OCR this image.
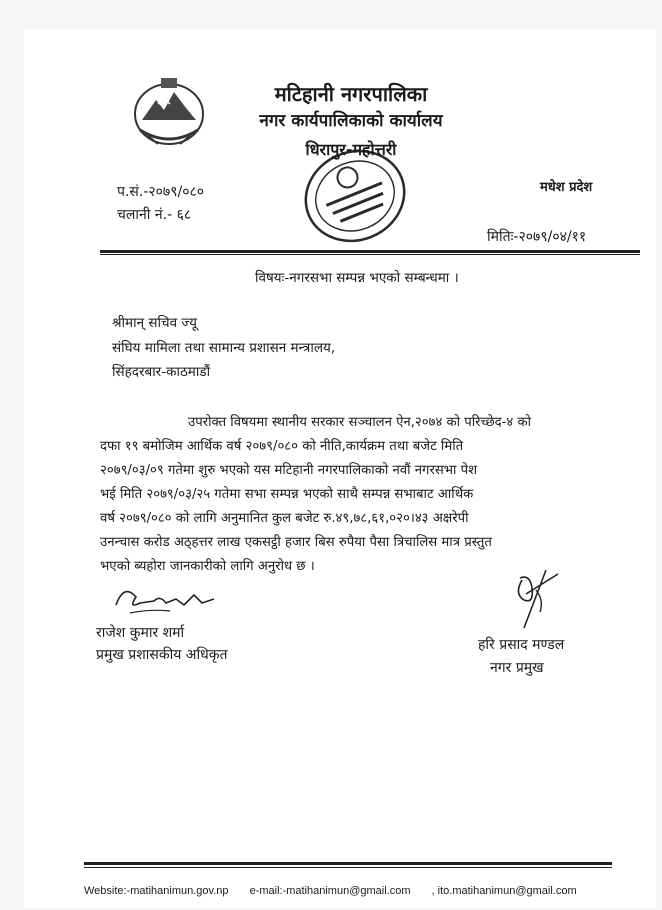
मटिहानी नगरपालिका
नगर कार्यपालिकाको कार्यालय
धिरापुर-महोत्तरी
मधेश प्रदेश
प.सं.-२०७९/०८०
चलानी नं.- ६८
मितिः-२०७९/०४/११
विषयः-नगरसभा सम्पन्न भएको सम्बन्धमा ।
श्रीमान् सचिव ज्यू
संघिय मामिला तथा सामान्य प्रशासन मन्त्रालय,
सिंहदरबार-काठमाडौं
उपरोक्त विषयमा स्थानीय सरकार सञ्चालन ऐन,२०७४ को परिच्छेद-४ को
दफा १९ बमोजिम आर्थिक वर्ष २०७९/०८० को नीति,कार्यक्रम तथा बजेट मिति
२०७९/०३/०९ गतेमा शुरु भएको यस मटिहानी नगरपालिकाको नवौं नगरसभा पेश
भई मिति २०७९/०३/२५ गतेमा सभा सम्पन्न भएको साथै सम्पन्न सभाबाट आर्थिक
वर्ष २०७९/०८० को लागि अनुमानित कुल बजेट रु.४९,७८,६१,०२०।४३ अक्षरेपी
उनन्चास करोड अठ्हत्तर लाख एकसट्ठी हजार बिस रुपैया पैसा त्रिचालिस मात्र प्रस्तुत
भएको ब्यहोरा जानकारीको लागि अनुरोध छ ।
राजेश कुमार शर्मा
प्रमुख प्रशासकीय अधिकृत
हरि प्रसाद मण्डल
नगर प्रमुख
Website:-matihanimun.gov.np e-mail:-matihanimun@gmail.com , ito.matihanimun@gmail.com
